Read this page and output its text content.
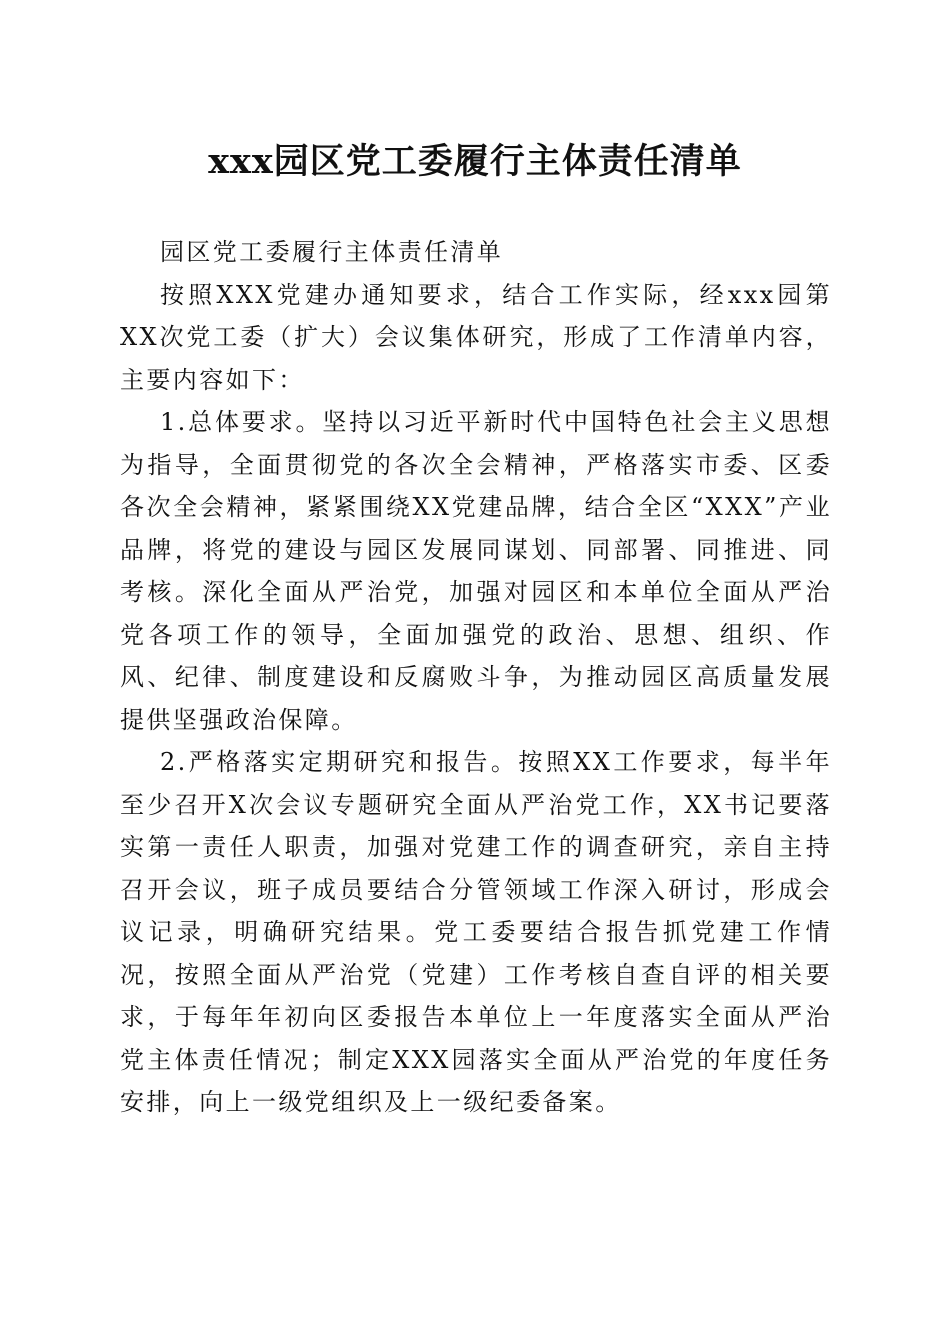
xxx园区党工委履行主体责任清单

园区党工委履行主体责任清单

按照XXX党建办通知要求，结合工作实际，经xxx园第XX次党工委（扩大）会议集体研究，形成了工作清单内容，主要内容如下：

1.总体要求。坚持以习近平新时代中国特色社会主义思想为指导，全面贯彻党的各次全会精神，严格落实市委、区委各次全会精神，紧紧围绕XX党建品牌，结合全区“XXX”产业品牌，将党的建设与园区发展同谋划、同部署、同推进、同考核。深化全面从严治党，加强对园区和本单位全面从严治党各项工作的领导，全面加强党的政治、思想、组织、作风、纪律、制度建设和反腐败斗争，为推动园区高质量发展提供坚强政治保障。

2.严格落实定期研究和报告。按照XX工作要求，每半年至少召开X次会议专题研究全面从严治党工作，XX书记要落实第一责任人职责，加强对党建工作的调查研究，亲自主持召开会议，班子成员要结合分管领域工作深入研讨，形成会议记录，明确研究结果。党工委要结合报告抓党建工作情况，按照全面从严治党（党建）工作考核自查自评的相关要求，于每年年初向区委报告本单位上一年度落实全面从严治党主体责任情况；制定XXX园落实全面从严治党的年度任务安排，向上一级党组织及上一级纪委备案。
